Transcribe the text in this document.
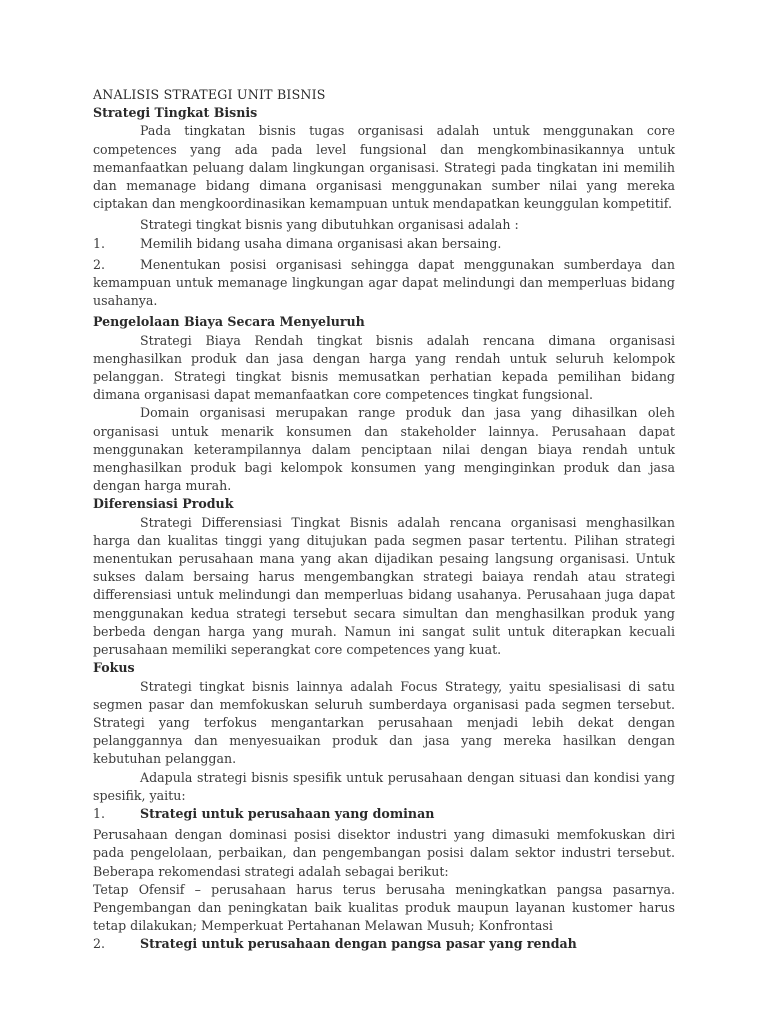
ANALISIS STRATEGI UNIT BISNIS
Strategi Tingkat Bisnis

Pada tingkatan bisnis tugas organisasi adalah untuk menggunakan core competences yang ada pada level fungsional dan mengkombinasikannya untuk memanfaatkan peluang dalam lingkungan organisasi. Strategi pada tingkatan ini memilih dan memanage bidang dimana organisasi menggunakan sumber nilai yang mereka ciptakan dan mengkoordinasikan kemampuan untuk mendapatkan keunggulan kompetitif.

Strategi tingkat bisnis yang dibutuhkan organisasi adalah :

1.	Memilih bidang usaha dimana organisasi akan bersaing.

2.	Menentukan posisi organisasi sehingga dapat menggunakan sumberdaya dan kemampuan untuk memanage lingkungan agar dapat melindungi dan memperluas bidang usahanya.

Pengelolaan Biaya Secara Menyeluruh

Strategi Biaya Rendah tingkat bisnis adalah rencana dimana organisasi menghasilkan produk dan jasa dengan harga yang rendah untuk seluruh kelompok pelanggan. Strategi tingkat bisnis memusatkan perhatian kepada pemilihan bidang dimana organisasi dapat memanfaatkan core competences tingkat fungsional.

Domain organisasi merupakan range produk dan jasa yang dihasilkan oleh organisasi untuk menarik konsumen dan stakeholder lainnya. Perusahaan dapat menggunakan keterampilannya dalam penciptaan nilai dengan biaya rendah untuk menghasilkan produk bagi kelompok konsumen yang menginginkan produk dan jasa dengan harga murah.

Diferensiasi Produk

Strategi Differensiasi Tingkat Bisnis adalah rencana organisasi menghasilkan harga dan kualitas tinggi yang ditujukan pada segmen pasar tertentu. Pilihan strategi menentukan perusahaan mana yang akan dijadikan pesaing langsung organisasi. Untuk sukses dalam bersaing harus mengembangkan strategi baiaya rendah atau strategi differensiasi untuk melindungi dan memperluas bidang usahanya. Perusahaan juga dapat menggunakan kedua strategi tersebut secara simultan dan menghasilkan produk yang berbeda dengan harga yang murah. Namun ini sangat sulit untuk diterapkan kecuali perusahaan memiliki seperangkat core competences yang kuat.

Fokus

Strategi tingkat bisnis lainnya adalah Focus Strategy, yaitu spesialisasi di satu segmen pasar dan memfokuskan seluruh sumberdaya organisasi pada segmen tersebut. Strategi yang terfokus mengantarkan perusahaan menjadi lebih dekat dengan pelanggannya dan menyesuaikan produk dan jasa yang mereka hasilkan dengan kebutuhan pelanggan.

Adapula strategi bisnis spesifik untuk perusahaan dengan situasi dan kondisi yang spesifik, yaitu:

1.	Strategi untuk perusahaan yang dominan

Perusahaan dengan dominasi posisi disektor industri yang dimasuki memfokuskan diri pada pengelolaan, perbaikan, dan pengembangan posisi dalam sektor industri tersebut. Beberapa rekomendasi strategi adalah sebagai berikut:

Tetap Ofensif – perusahaan harus terus berusaha meningkatkan pangsa pasarnya. Pengembangan dan peningkatan baik kualitas produk maupun layanan kustomer harus tetap dilakukan; Memperkuat Pertahanan Melawan Musuh; Konfrontasi

2.	Strategi untuk perusahaan dengan pangsa pasar yang rendah
